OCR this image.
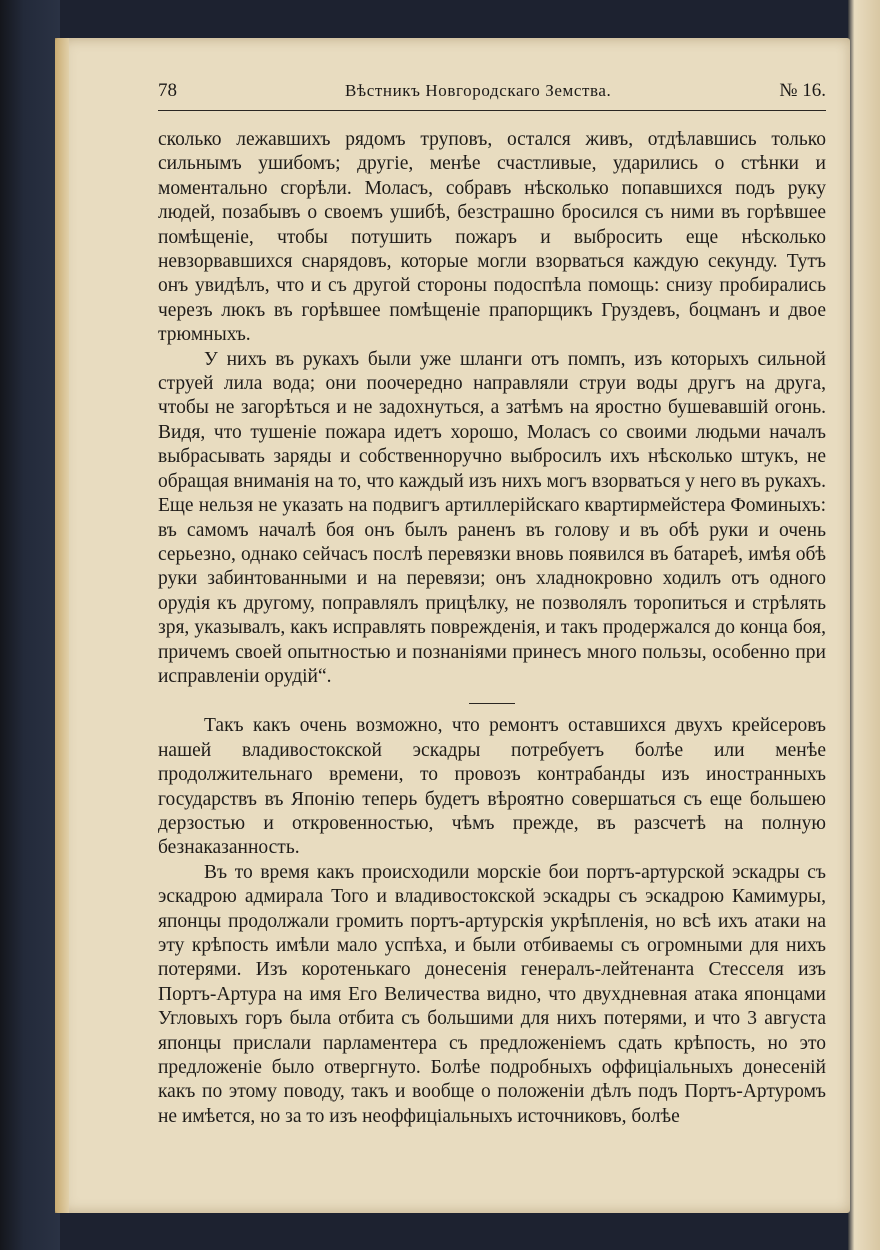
78	Вѣстникъ Новгородскаго Земства.	№ 16.

сколько лежавшихъ рядомъ труповъ, остался живъ, отдѣлавшись только сильнымъ ушибомъ; другіе, менѣе счастливые, ударились о стѣнки и моментально сгорѣли. Моласъ, собравъ нѣсколько попавшихся подъ руку людей, позабывъ о своемъ ушибѣ, безстрашно бросился съ ними въ горѣвшее помѣщеніе, чтобы потушить пожаръ и выбросить еще нѣсколько невзорвавшихся снарядовъ, которые могли взорваться каждую секунду. Тутъ онъ увидѣлъ, что и съ другой стороны подоспѣла помощь: снизу пробирались черезъ люкъ въ горѣвшее помѣщеніе прапорщикъ Груздевъ, боцманъ и двое трюмныхъ.

У нихъ въ рукахъ были уже шланги отъ помпъ, изъ которыхъ сильной струей лила вода; они поочередно направляли струи воды другъ на друга, чтобы не загорѣться и не задохнуться, а затѣмъ на яростно бушевавшій огонь. Видя, что тушеніе пожара идетъ хорошо, Моласъ со своими людьми началъ выбрасывать заряды и собственноручно выбросилъ ихъ нѣсколько штукъ, не обращая вниманія на то, что каждый изъ нихъ могъ взорваться у него въ рукахъ. Еще нельзя не указать на подвигъ артиллерійскаго квартирмейстера Фоминыхъ: въ самомъ началѣ боя онъ былъ раненъ въ голову и въ обѣ руки и очень серьезно, однако сейчасъ послѣ перевязки вновь появился въ батареѣ, имѣя обѣ руки забинтованными и на перевязи; онъ хладнокровно ходилъ отъ одного орудія къ другому, поправлялъ прицѣлку, не позволялъ торопиться и стрѣлять зря, указывалъ, какъ исправлять поврежденія, и такъ продержался до конца боя, причемъ своей опытностью и познаніями принесъ много пользы, особенно при исправленіи орудій“.

Такъ какъ очень возможно, что ремонтъ оставшихся двухъ крейсеровъ нашей владивостокской эскадры потребуетъ болѣе или менѣе продолжительнаго времени, то провозъ контрабанды изъ иностранныхъ государствъ въ Японію теперь будетъ вѣроятно совершаться съ еще большею дерзостью и откровенностью, чѣмъ прежде, въ разсчетѣ на полную безнаказанность.

Въ то время какъ происходили морскіе бои портъ-артурской эскадры съ эскадрою адмирала Того и владивостокской эскадры съ эскадрою Камимуры, японцы продолжали громить портъ-артурскія укрѣпленія, но всѣ ихъ атаки на эту крѣпость имѣли мало успѣха, и были отбиваемы съ огромными для нихъ потерями. Изъ коротенькаго донесенія генералъ-лейтенанта Стесселя изъ Портъ-Артура на имя Его Величества видно, что двухдневная атака японцами Угловыхъ горъ была отбита съ большими для нихъ потерями, и что 3 августа японцы прислали парламентера съ предложеніемъ сдать крѣпость, но это предложеніе было отвергнуто. Болѣе подробныхъ оффиціальныхъ донесеній какъ по этому поводу, такъ и вообще о положеніи дѣлъ подъ Портъ-Артуромъ не имѣется, но за то изъ неоффиціальныхъ источниковъ, болѣе
